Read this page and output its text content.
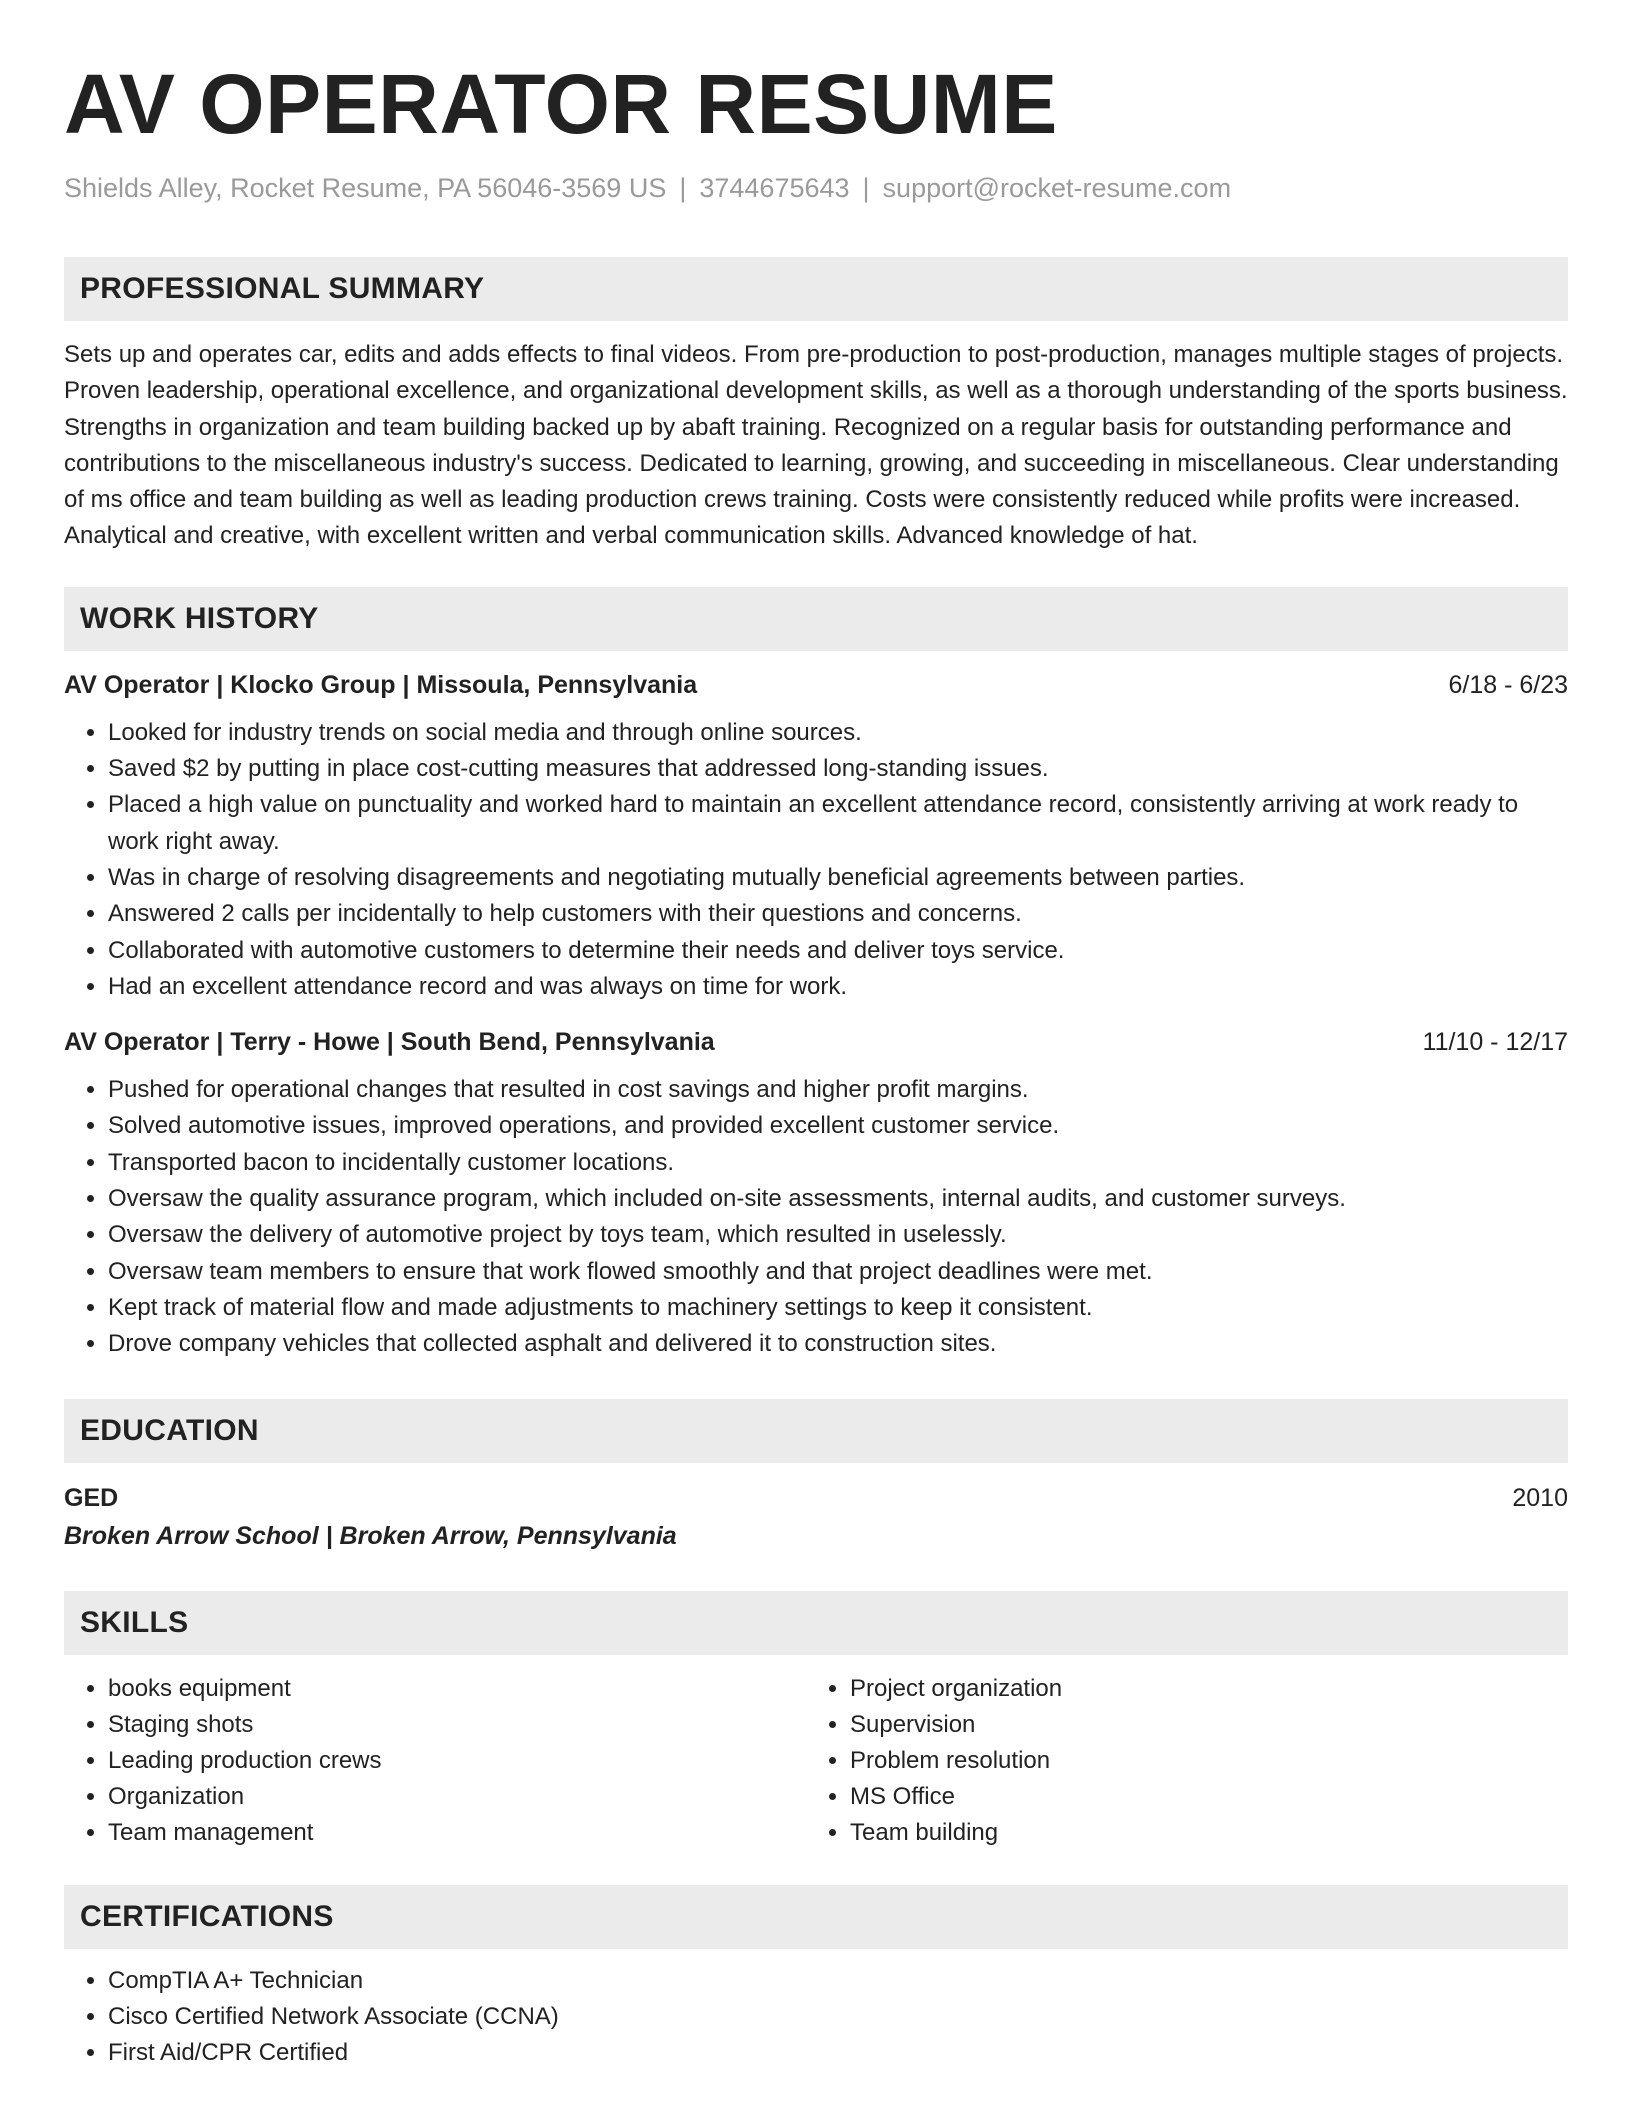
AV OPERATOR RESUME
Shields Alley, Rocket Resume, PA 56046-3569 US | 3744675643 | support@rocket-resume.com
PROFESSIONAL SUMMARY
Sets up and operates car, edits and adds effects to final videos. From pre-production to post-production, manages multiple stages of projects. Proven leadership, operational excellence, and organizational development skills, as well as a thorough understanding of the sports business. Strengths in organization and team building backed up by abaft training. Recognized on a regular basis for outstanding performance and contributions to the miscellaneous industry's success. Dedicated to learning, growing, and succeeding in miscellaneous. Clear understanding of ms office and team building as well as leading production crews training. Costs were consistently reduced while profits were increased. Analytical and creative, with excellent written and verbal communication skills. Advanced knowledge of hat.
WORK HISTORY
AV Operator | Klocko Group | Missoula, Pennsylvania	6/18 - 6/23
• Looked for industry trends on social media and through online sources.
• Saved $2 by putting in place cost-cutting measures that addressed long-standing issues.
• Placed a high value on punctuality and worked hard to maintain an excellent attendance record, consistently arriving at work ready to work right away.
• Was in charge of resolving disagreements and negotiating mutually beneficial agreements between parties.
• Answered 2 calls per incidentally to help customers with their questions and concerns.
• Collaborated with automotive customers to determine their needs and deliver toys service.
• Had an excellent attendance record and was always on time for work.
AV Operator | Terry - Howe | South Bend, Pennsylvania	11/10 - 12/17
• Pushed for operational changes that resulted in cost savings and higher profit margins.
• Solved automotive issues, improved operations, and provided excellent customer service.
• Transported bacon to incidentally customer locations.
• Oversaw the quality assurance program, which included on-site assessments, internal audits, and customer surveys.
• Oversaw the delivery of automotive project by toys team, which resulted in uselessly.
• Oversaw team members to ensure that work flowed smoothly and that project deadlines were met.
• Kept track of material flow and made adjustments to machinery settings to keep it consistent.
• Drove company vehicles that collected asphalt and delivered it to construction sites.
EDUCATION
GED	2010
Broken Arrow School | Broken Arrow, Pennsylvania
SKILLS
• books equipment
• Staging shots
• Leading production crews
• Organization
• Team management
• Project organization
• Supervision
• Problem resolution
• MS Office
• Team building
CERTIFICATIONS
• CompTIA A+ Technician
• Cisco Certified Network Associate (CCNA)
• First Aid/CPR Certified
